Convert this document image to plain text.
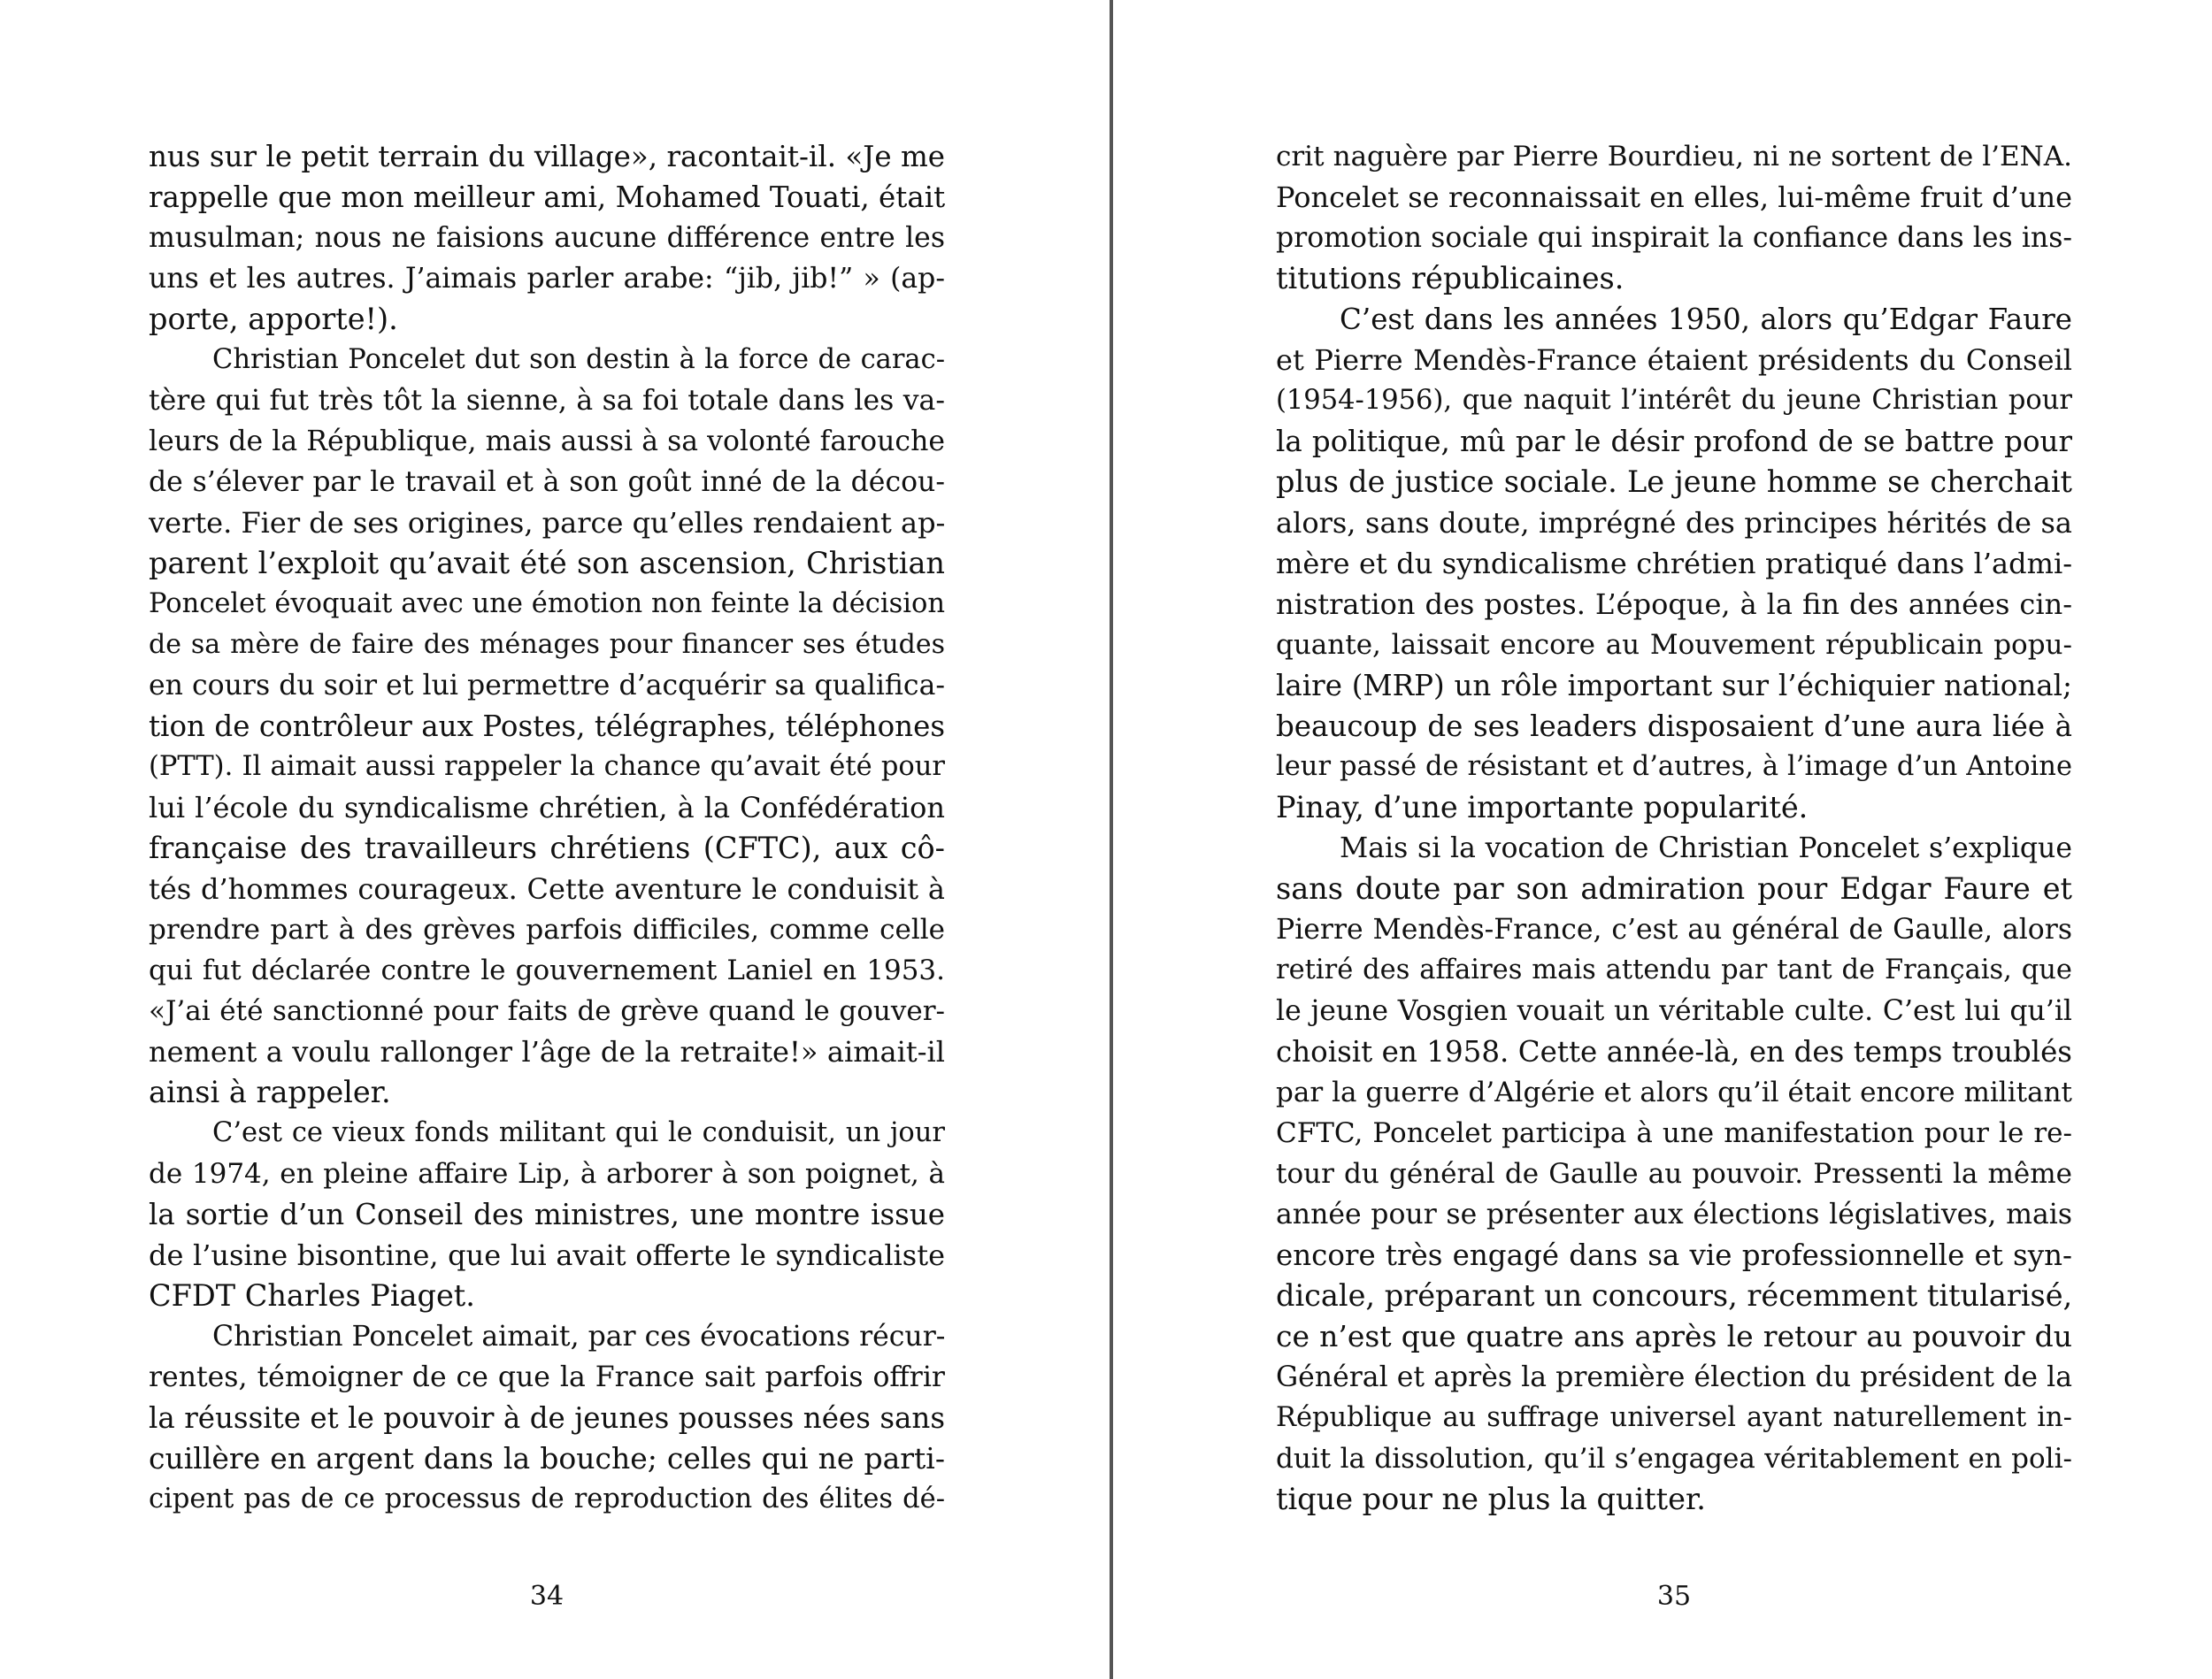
nus sur le petit terrain du village», racontait-il. «Je me
rappelle que mon meilleur ami, Mohamed Touati, était
musulman; nous ne faisions aucune différence entre les
uns et les autres. J’aimais parler arabe: “jib, jib!” » (ap-
porte, apporte!).
Christian Poncelet dut son destin à la force de carac-
tère qui fut très tôt la sienne, à sa foi totale dans les va-
leurs de la République, mais aussi à sa volonté farouche
de s’élever par le travail et à son goût inné de la décou-
verte. Fier de ses origines, parce qu’elles rendaient ap-
parent l’exploit qu’avait été son ascension, Christian
Poncelet évoquait avec une émotion non feinte la décision
de sa mère de faire des ménages pour financer ses études
en cours du soir et lui permettre d’acquérir sa qualifica-
tion de contrôleur aux Postes, télégraphes, téléphones
(PTT). Il aimait aussi rappeler la chance qu’avait été pour
lui l’école du syndicalisme chrétien, à la Confédération
française des travailleurs chrétiens (CFTC), aux cô-
tés d’hommes courageux. Cette aventure le conduisit à
prendre part à des grèves parfois difficiles, comme celle
qui fut déclarée contre le gouvernement Laniel en 1953.
«J’ai été sanctionné pour faits de grève quand le gouver-
nement a voulu rallonger l’âge de la retraite!» aimait-il
ainsi à rappeler.
C’est ce vieux fonds militant qui le conduisit, un jour
de 1974, en pleine affaire Lip, à arborer à son poignet, à
la sortie d’un Conseil des ministres, une montre issue
de l’usine bisontine, que lui avait offerte le syndicaliste
CFDT Charles Piaget.
Christian Poncelet aimait, par ces évocations récur-
rentes, témoigner de ce que la France sait parfois offrir
la réussite et le pouvoir à de jeunes pousses nées sans
cuillère en argent dans la bouche; celles qui ne parti-
cipent pas de ce processus de reproduction des élites dé-
34
crit naguère par Pierre Bourdieu, ni ne sortent de l’ENA.
Poncelet se reconnaissait en elles, lui-même fruit d’une
promotion sociale qui inspirait la confiance dans les ins-
titutions républicaines.
C’est dans les années 1950, alors qu’Edgar Faure
et Pierre Mendès-France étaient présidents du Conseil
(1954-1956), que naquit l’intérêt du jeune Christian pour
la politique, mû par le désir profond de se battre pour
plus de justice sociale. Le jeune homme se cherchait
alors, sans doute, imprégné des principes hérités de sa
mère et du syndicalisme chrétien pratiqué dans l’admi-
nistration des postes. L’époque, à la fin des années cin-
quante, laissait encore au Mouvement républicain popu-
laire (MRP) un rôle important sur l’échiquier national;
beaucoup de ses leaders disposaient d’une aura liée à
leur passé de résistant et d’autres, à l’image d’un Antoine
Pinay, d’une importante popularité.
Mais si la vocation de Christian Poncelet s’explique
sans doute par son admiration pour Edgar Faure et
Pierre Mendès-France, c’est au général de Gaulle, alors
retiré des affaires mais attendu par tant de Français, que
le jeune Vosgien vouait un véritable culte. C’est lui qu’il
choisit en 1958. Cette année-là, en des temps troublés
par la guerre d’Algérie et alors qu’il était encore militant
CFTC, Poncelet participa à une manifestation pour le re-
tour du général de Gaulle au pouvoir. Pressenti la même
année pour se présenter aux élections législatives, mais
encore très engagé dans sa vie professionnelle et syn-
dicale, préparant un concours, récemment titularisé,
ce n’est que quatre ans après le retour au pouvoir du
Général et après la première élection du président de la
République au suffrage universel ayant naturellement in-
duit la dissolution, qu’il s’engagea véritablement en poli-
tique pour ne plus la quitter.
35
